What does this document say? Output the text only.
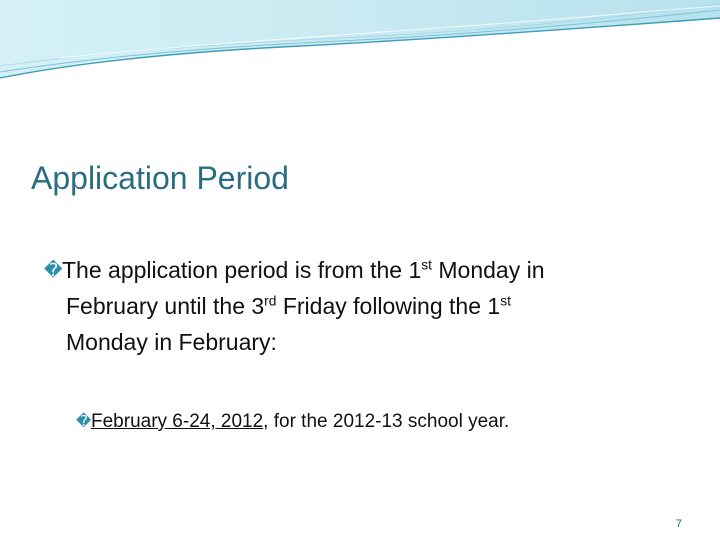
Application Period
�The application period is from the 1st Monday in
February until the 3rd Friday following the 1st
Monday in February:
�February 6-24, 2012, for the 2012-13 school year.
7
